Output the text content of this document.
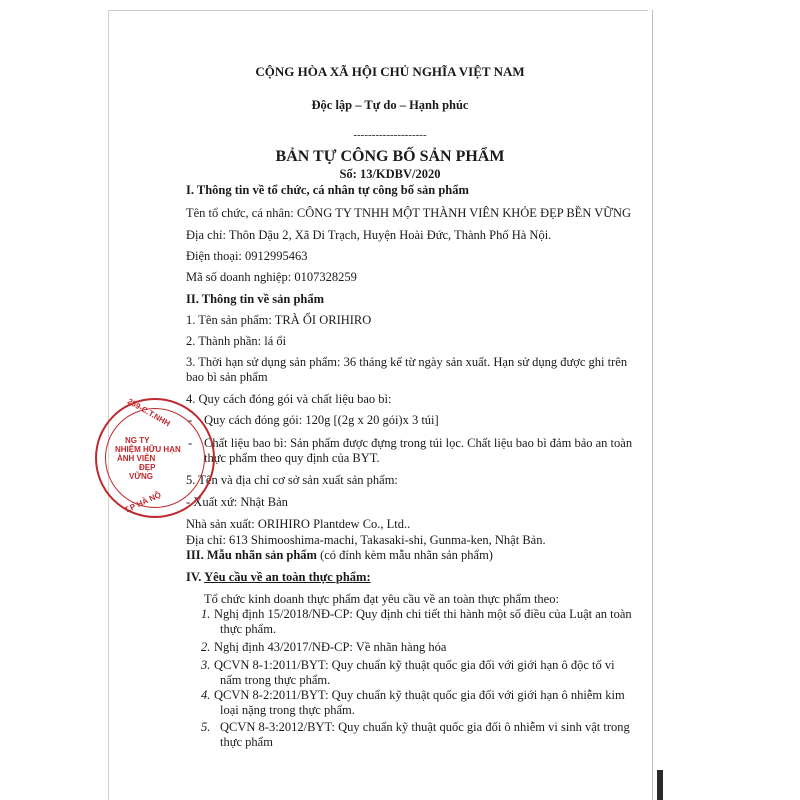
CỘNG HÒA XÃ HỘI CHỦ NGHĨA VIỆT NAM
Độc lập – Tự do – Hạnh phúc
--------------------
BẢN TỰ CÔNG BỐ SẢN PHẨM
Số: 13/KDBV/2020
I. Thông tin về tổ chức, cá nhân tự công bố sản phẩm
Tên tổ chức, cá nhân: CÔNG TY TNHH MỘT THÀNH VIÊN KHỎE ĐẸP BỀN VỮNG
Địa chỉ: Thôn Dậu 2, Xã Di Trạch, Huyện Hoài Đức, Thành Phố Hà Nội.
Điện thoại: 0912995463
Mã số doanh nghiệp: 0107328259
II. Thông tin về sản phẩm
1. Tên sản phẩm: TRÀ ỔI ORIHIRO
2. Thành phần: lá ổi
3. Thời hạn sử dụng sản phẩm: 36 tháng kể từ ngày sản xuất. Hạn sử dụng được ghi trên
bao bì sản phẩm
4. Quy cách đóng gói và chất liệu bao bì:
- Quy cách đóng gói: 120g [(2g x 20 gói)x 3 túi]
- Chất liệu bao bì: Sản phẩm được đựng trong túi lọc. Chất liệu bao bì đảm bảo an toàn
thực phẩm theo quy định của BYT.
5. Tên và địa chỉ cơ sở sản xuất sản phẩm:
- Xuất xứ: Nhật Bản
Nhà sản xuất: ORIHIRO Plantdew Co., Ltd..
Địa chỉ: 613 Shimooshima-machi, Takasaki-shi, Gunma-ken, Nhật Bản.
III. Mẫu nhãn sản phẩm (có đính kèm mẫu nhãn sản phẩm)
IV. Yêu cầu về an toàn thực phẩm:
Tổ chức kinh doanh thực phẩm đạt yêu cầu về an toàn thực phẩm theo:
1. Nghị định 15/2018/NĐ-CP: Quy định chi tiết thi hành một số điều của Luật an toàn
thực phẩm.
2. Nghị định 43/2017/NĐ-CP: Về nhãn hàng hóa
3. QCVN 8-1:2011/BYT: Quy chuẩn kỹ thuật quốc gia đối với giới hạn ô độc tố vi
nấm trong thực phẩm.
4. QCVN 8-2:2011/BYT: Quy chuẩn kỹ thuật quốc gia đối với giới hạn ô nhiễm kim
loại nặng trong thực phẩm.
5. QCVN 8-3:2012/BYT: Quy chuẩn kỹ thuật quốc gia đối ô nhiễm vi sinh vật trong
thực phẩm
259-C.T.NHH
NG TY
NHIỆM HỮU HẠN
ÀNH VIÊN
ĐẸP
VỮNG
T.P HÀ NỘ
